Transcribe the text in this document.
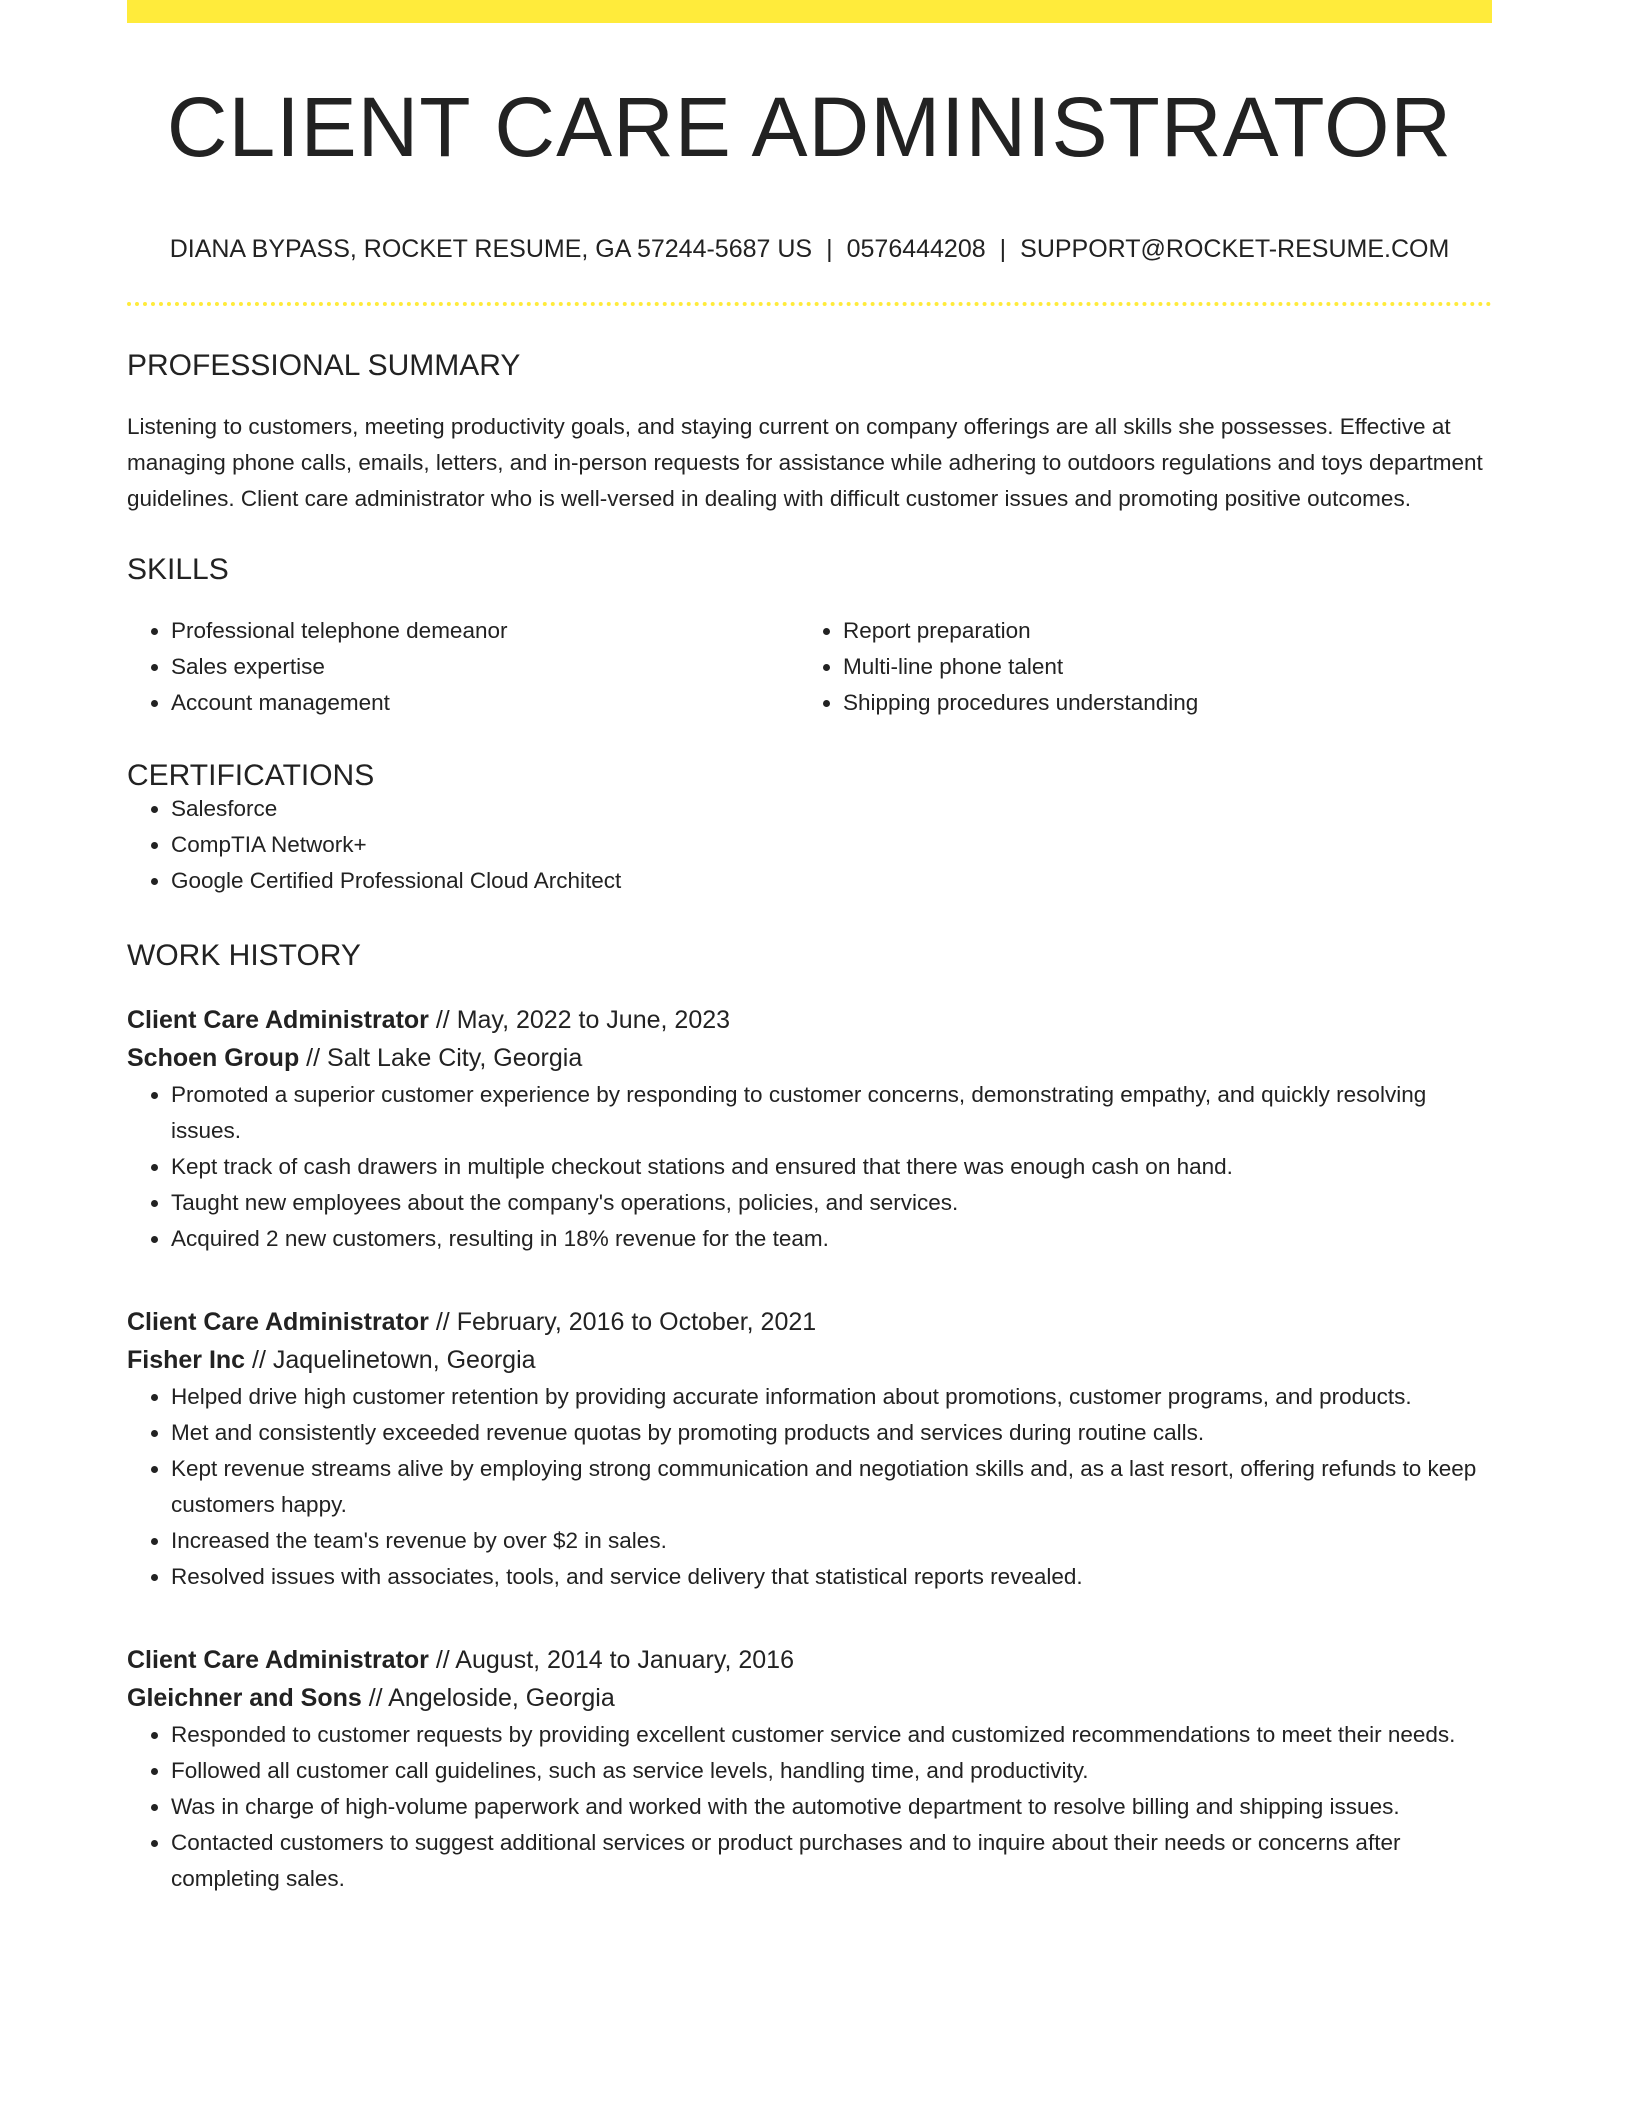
CLIENT CARE ADMINISTRATOR
DIANA BYPASS, ROCKET RESUME, GA 57244-5687 US | 0576444208 | SUPPORT@ROCKET-RESUME.COM
PROFESSIONAL SUMMARY

Listening to customers, meeting productivity goals, and staying current on company offerings are all skills she possesses. Effective at managing phone calls, emails, letters, and in-person requests for assistance while adhering to outdoors regulations and toys department guidelines. Client care administrator who is well-versed in dealing with difficult customer issues and promoting positive outcomes.

SKILLS
• Professional telephone demeanor
• Sales expertise
• Account management
• Report preparation
• Multi-line phone talent
• Shipping procedures understanding
CERTIFICATIONS
• Salesforce
• CompTIA Network+
• Google Certified Professional Cloud Architect
WORK HISTORY
Client Care Administrator // May, 2022 to June, 2023
Schoen Group // Salt Lake City, Georgia
• Promoted a superior customer experience by responding to customer concerns, demonstrating empathy, and quickly resolving issues.
• Kept track of cash drawers in multiple checkout stations and ensured that there was enough cash on hand.
• Taught new employees about the company's operations, policies, and services.
• Acquired 2 new customers, resulting in 18% revenue for the team.
Client Care Administrator // February, 2016 to October, 2021
Fisher Inc // Jaquelinetown, Georgia
• Helped drive high customer retention by providing accurate information about promotions, customer programs, and products.
• Met and consistently exceeded revenue quotas by promoting products and services during routine calls.
• Kept revenue streams alive by employing strong communication and negotiation skills and, as a last resort, offering refunds to keep customers happy.
• Increased the team's revenue by over $2 in sales.
• Resolved issues with associates, tools, and service delivery that statistical reports revealed.
Client Care Administrator // August, 2014 to January, 2016
Gleichner and Sons // Angeloside, Georgia
• Responded to customer requests by providing excellent customer service and customized recommendations to meet their needs.
• Followed all customer call guidelines, such as service levels, handling time, and productivity.
• Was in charge of high-volume paperwork and worked with the automotive department to resolve billing and shipping issues.
• Contacted customers to suggest additional services or product purchases and to inquire about their needs or concerns after completing sales.
